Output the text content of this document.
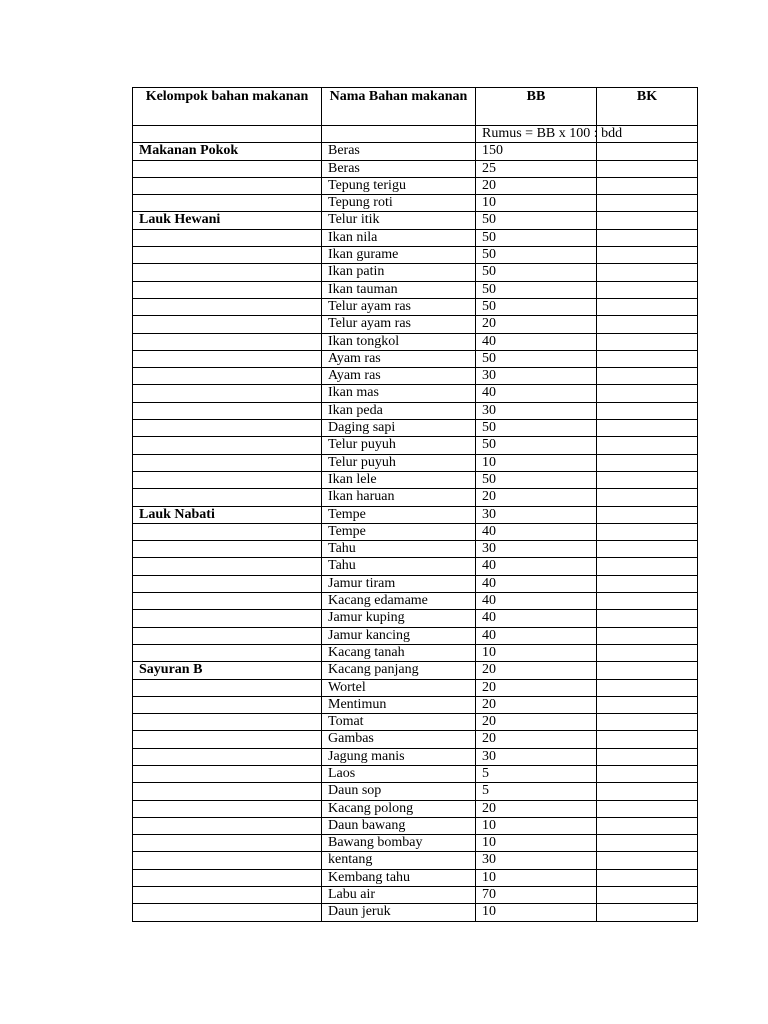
Kelompok bahan makanan	Nama Bahan makanan	BB	BK
		Rumus = BB x 100 : bdd	
Makanan Pokok	Beras	150	
	Beras	25	
	Tepung terigu	20	
	Tepung roti	10	
Lauk Hewani	Telur itik	50	
	Ikan nila	50	
	Ikan gurame	50	
	Ikan patin	50	
	Ikan tauman	50	
	Telur ayam ras	50	
	Telur ayam ras	20	
	Ikan tongkol	40	
	Ayam ras	50	
	Ayam ras	30	
	Ikan mas	40	
	Ikan peda	30	
	Daging sapi	50	
	Telur puyuh	50	
	Telur puyuh	10	
	Ikan lele	50	
	Ikan haruan	20	
Lauk Nabati	Tempe	30	
	Tempe	40	
	Tahu	30	
	Tahu	40	
	Jamur tiram	40	
	Kacang edamame	40	
	Jamur kuping	40	
	Jamur kancing	40	
	Kacang tanah	10	
Sayuran B	Kacang panjang	20	
	Wortel	20	
	Mentimun	20	
	Tomat	20	
	Gambas	20	
	Jagung manis	30	
	Laos	5	
	Daun sop	5	
	Kacang polong	20	
	Daun bawang	10	
	Bawang bombay	10	
	kentang	30	
	Kembang tahu	10	
	Labu air	70	
	Daun jeruk	10	
